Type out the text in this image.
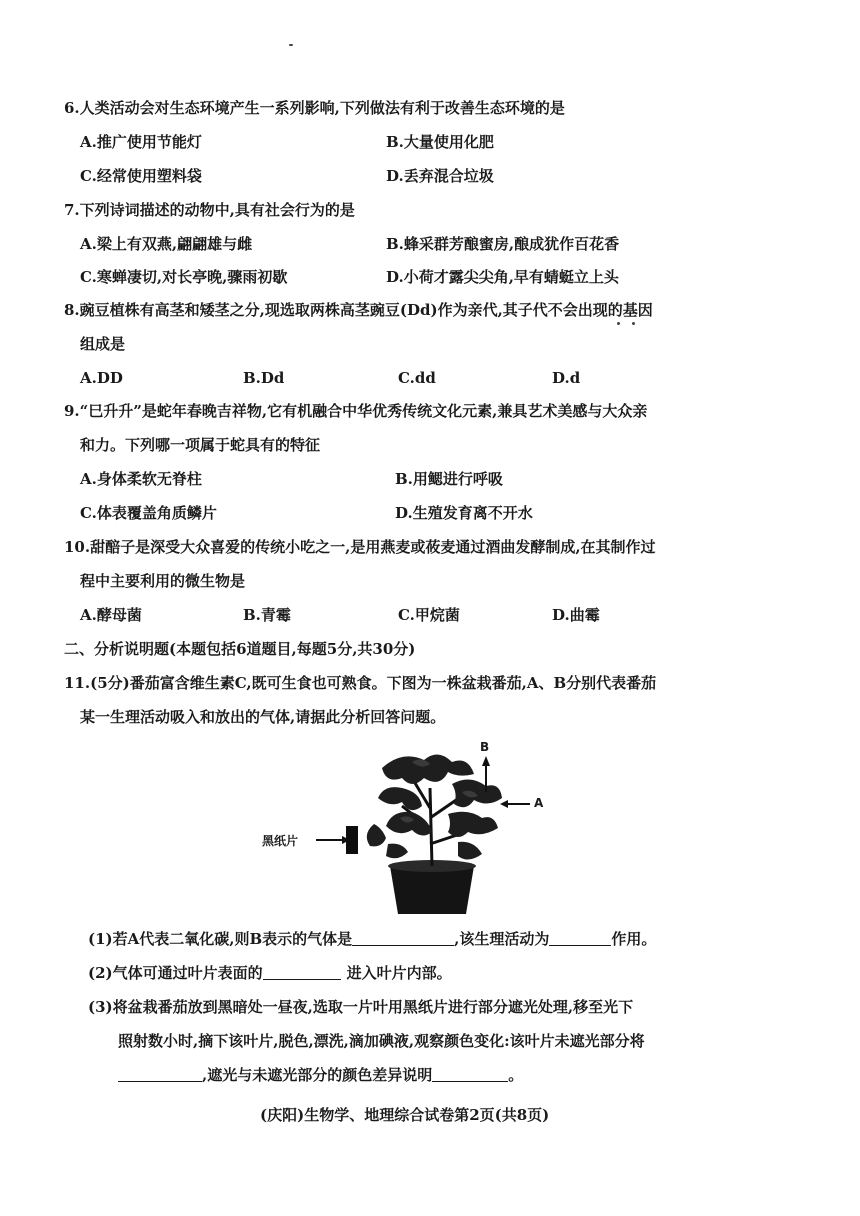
6.人类活动会对生态环境产生一系列影响,下列做法有利于改善生态环境的是
A.推广使用节能灯	B.大量使用化肥
C.经常使用塑料袋	D.丢弃混合垃圾
7.下列诗词描述的动物中,具有社会行为的是
A.梁上有双燕,翩翩雄与雌	B.蜂采群芳酿蜜房,酿成犹作百花香
C.寒蝉凄切,对长亭晚,骤雨初歇	D.小荷才露尖尖角,早有蜻蜓立上头
8.豌豆植株有高茎和矮茎之分,现选取两株高茎豌豆(Dd)作为亲代,其子代不会出现的基因
组成是
A.DD	B.Dd	C.dd	D.d
9.“巳升升”是蛇年春晚吉祥物,它有机融合中华优秀传统文化元素,兼具艺术美感与大众亲
和力。下列哪一项属于蛇具有的特征
A.身体柔软无脊柱	B.用鳃进行呼吸
C.体表覆盖角质鳞片	D.生殖发育离不开水
10.甜醅子是深受大众喜爱的传统小吃之一,是用燕麦或莜麦通过酒曲发酵制成,在其制作过
程中主要利用的微生物是
A.酵母菌	B.青霉	C.甲烷菌	D.曲霉
二、分析说明题(本题包括6道题目,每题5分,共30分)
11.(5分)番茄富含维生素C,既可生食也可熟食。下图为一株盆栽番茄,A、B分别代表番茄
某一生理活动吸入和放出的气体,请据此分析回答问题。
黑纸片
B
A
(1)若A代表二氧化碳,则B表示的气体是	,该生理活动为	作用。
(2)气体可通过叶片表面的	进入叶片内部。
(3)将盆栽番茄放到黑暗处一昼夜,选取一片叶用黑纸片进行部分遮光处理,移至光下
照射数小时,摘下该叶片,脱色,漂洗,滴加碘液,观察颜色变化:该叶片未遮光部分将
,遮光与未遮光部分的颜色差异说明	。
(庆阳)生物学、地理综合试卷第2页(共8页)
